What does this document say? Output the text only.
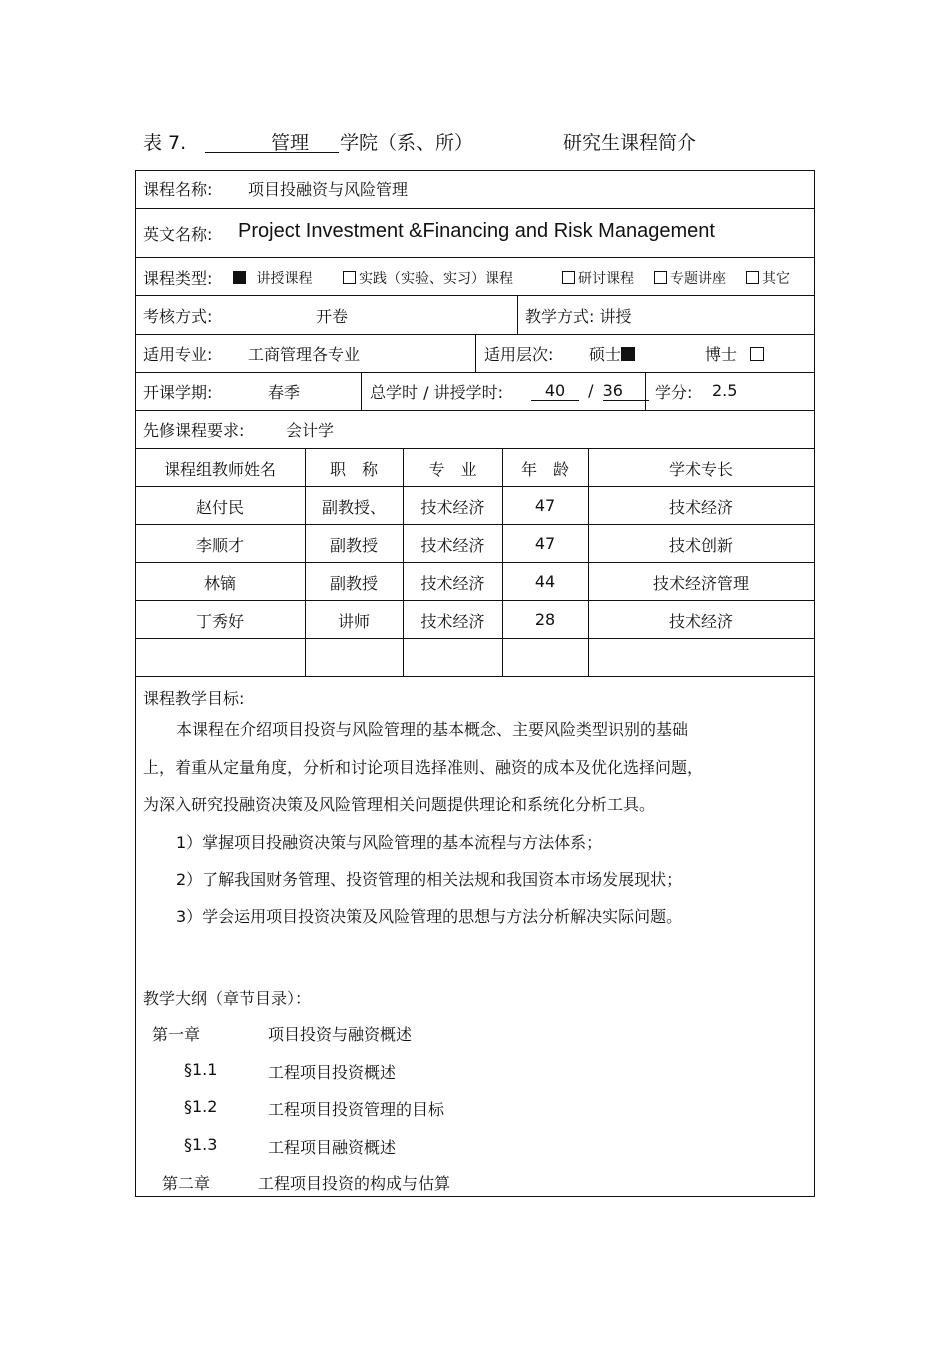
表 7.	管理 学院（系、所）	研究生课程简介
课程名称: 项目投融资与风险管理
英文名称: Project Investment &Financing and Risk Management
课程类型:	讲授课程	实践（实验、实习）课程	研讨课程	专题讲座	其它
考核方式:	开卷	教学方式: 讲授
适用专业: 工商管理各专业	适用层次: 硕士	博士
开课学期:	春季	总学时 / 讲授学时:	40 / 36	学分: 2.5
先修课程要求:	会计学
课程组教师姓名	职　称	专　业	年　龄	学术专长
赵付民	副教授、	技术经济	47	技术经济
李顺才	副教授	技术经济	47	技术创新
林镝	副教授	技术经济	44	技术经济管理
丁秀好	讲师	技术经济	28	技术经济
课程教学目标:
本课程在介绍项目投资与风险管理的基本概念、主要风险类型识别的基础
上，着重从定量角度，分析和讨论项目选择准则、融资的成本及优化选择问题，
为深入研究投融资决策及风险管理相关问题提供理论和系统化分析工具。
1）掌握项目投融资决策与风险管理的基本流程与方法体系；
2）了解我国财务管理、投资管理的相关法规和我国资本市场发展现状；
3）学会运用项目投资决策及风险管理的思想与方法分析解决实际问题。
教学大纲（章节目录）：
第一章	项目投资与融资概述
§1.1	工程项目投资概述
§1.2	工程项目投资管理的目标
§1.3	工程项目融资概述
第二章	工程项目投资的构成与估算
